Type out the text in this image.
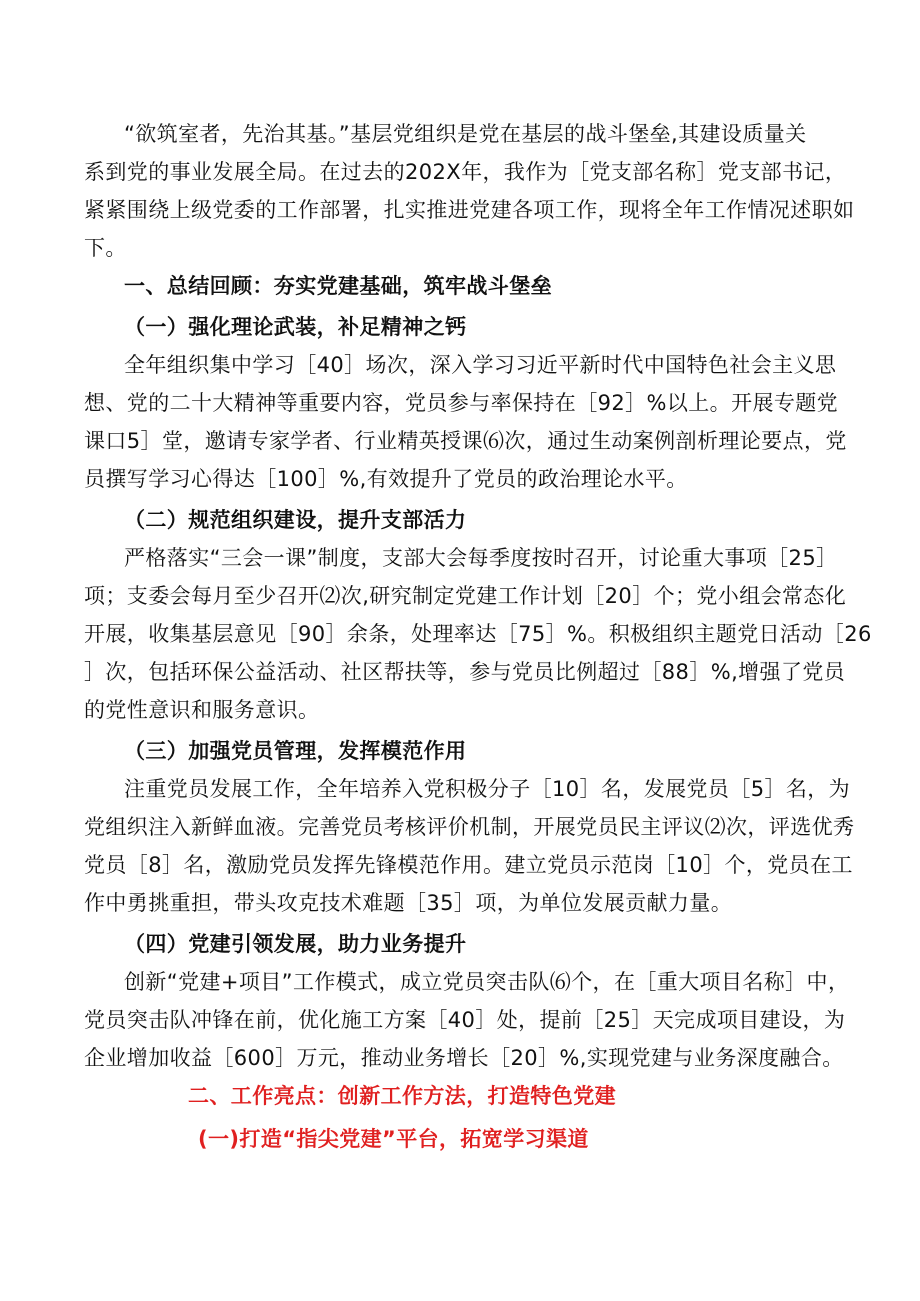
“欲筑室者，先治其基。”基层党组织是党在基层的战斗堡垒,其建设质量关
系到党的事业发展全局。在过去的202X年，我作为［党支部名称］党支部书记，
紧紧围绕上级党委的工作部署，扎实推进党建各项工作，现将全年工作情况述职如
下。
一、总结回顾：夯实党建基础，筑牢战斗堡垒
（一）强化理论武装，补足精神之钙
全年组织集中学习［40］场次，深入学习习近平新时代中国特色社会主义思
想、党的二十大精神等重要内容，党员参与率保持在［92］%以上。开展专题党
课口5］堂，邀请专家学者、行业精英授课⑹次，通过生动案例剖析理论要点，党
员撰写学习心得达［100］%,有效提升了党员的政治理论水平。
（二）规范组织建设，提升支部活力
严格落实“三会一课”制度，支部大会每季度按时召开，讨论重大事项［25］
项；支委会每月至少召开⑵次,研究制定党建工作计划［20］个；党小组会常态化
开展，收集基层意见［90］余条，处理率达［75］%。积极组织主题党日活动［26
］次，包括环保公益活动、社区帮扶等，参与党员比例超过［88］%,增强了党员
的党性意识和服务意识。
（三）加强党员管理，发挥模范作用
注重党员发展工作，全年培养入党积极分子［10］名，发展党员［5］名，为
党组织注入新鲜血液。完善党员考核评价机制，开展党员民主评议⑵次，评选优秀
党员［8］名，激励党员发挥先锋模范作用。建立党员示范岗［10］个，党员在工
作中勇挑重担，带头攻克技术难题［35］项，为单位发展贡献力量。
（四）党建引领发展，助力业务提升
创新“党建+项目”工作模式，成立党员突击队⑹个，在［重大项目名称］中，
党员突击队冲锋在前，优化施工方案［40］处，提前［25］天完成项目建设，为
企业增加收益［600］万元，推动业务增长［20］%,实现党建与业务深度融合。
二、工作亮点：创新工作方法，打造特色党建
(一)打造“指尖党建”平台，拓宽学习渠道
